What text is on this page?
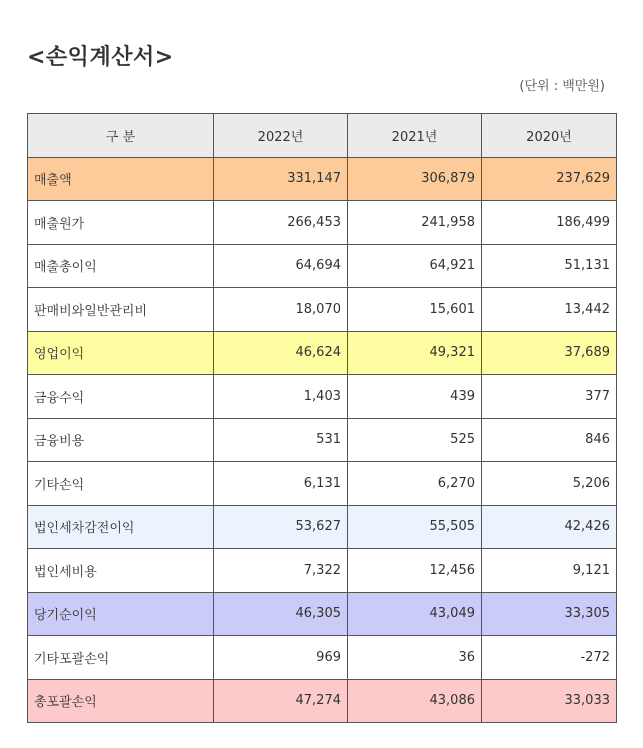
<손익계산서>
(단위 : 백만원)
구 분	2022년	2021년	2020년
매출액	331,147	306,879	237,629
매출원가	266,453	241,958	186,499
매출총이익	64,694	64,921	51,131
판매비와일반관리비	18,070	15,601	13,442
영업이익	46,624	49,321	37,689
금융수익	1,403	439	377
금융비용	531	525	846
기타손익	6,131	6,270	5,206
법인세차감전이익	53,627	55,505	42,426
법인세비용	7,322	12,456	9,121
당기순이익	46,305	43,049	33,305
기타포괄손익	969	36	-272
총포괄손익	47,274	43,086	33,033
